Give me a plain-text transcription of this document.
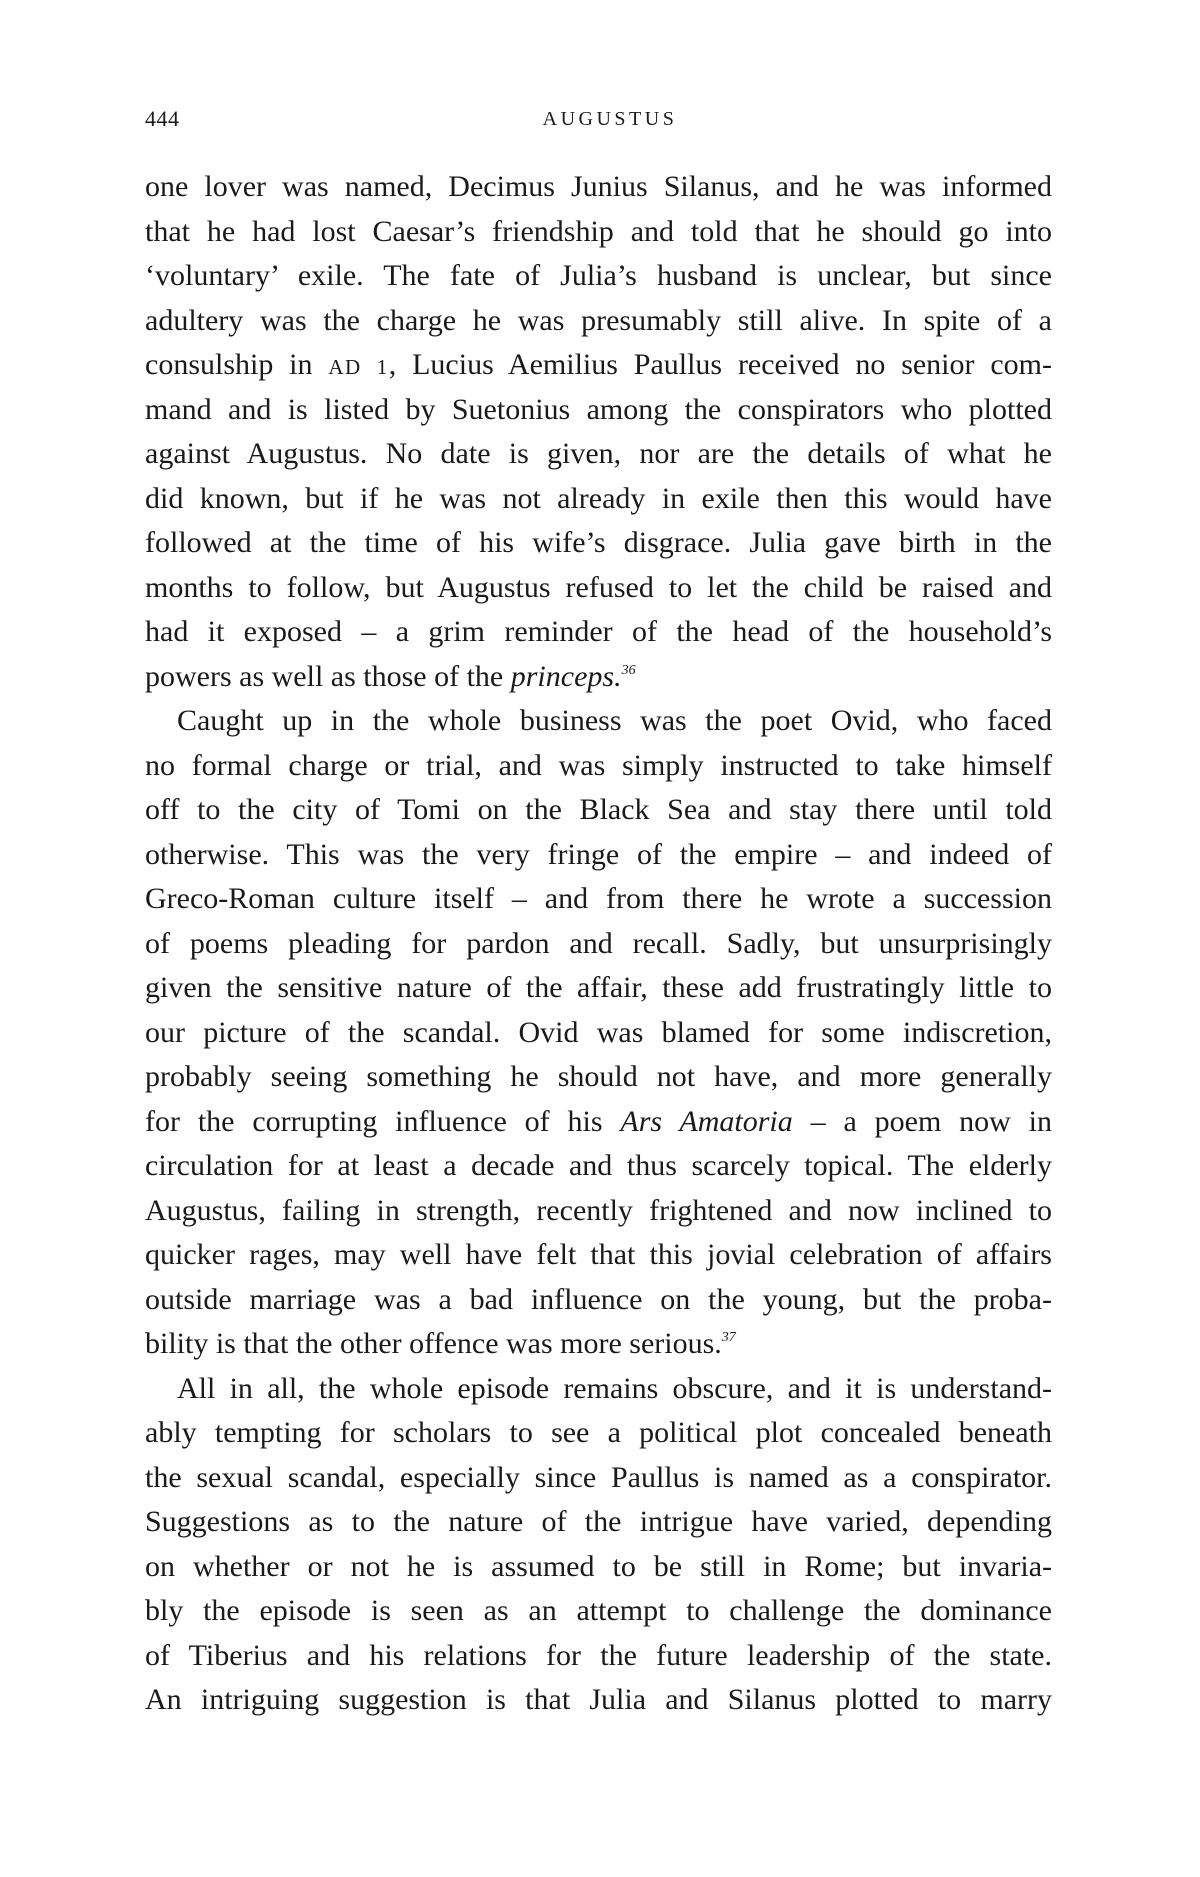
444	AUGUSTUS
one lover was named, Decimus Junius Silanus, and he was informed
that he had lost Caesar’s friendship and told that he should go into
‘voluntary’ exile. The fate of Julia’s husband is unclear, but since
adultery was the charge he was presumably still alive. In spite of a
consulship in AD 1, Lucius Aemilius Paullus received no senior com-
mand and is listed by Suetonius among the conspirators who plotted
against Augustus. No date is given, nor are the details of what he
did known, but if he was not already in exile then this would have
followed at the time of his wife’s disgrace. Julia gave birth in the
months to follow, but Augustus refused to let the child be raised and
had it exposed – a grim reminder of the head of the household’s
powers as well as those of the princeps.$^{36}$
Caught up in the whole business was the poet Ovid, who faced
no formal charge or trial, and was simply instructed to take himself
off to the city of Tomi on the Black Sea and stay there until told
otherwise. This was the very fringe of the empire – and indeed of
Greco-Roman culture itself – and from there he wrote a succession
of poems pleading for pardon and recall. Sadly, but unsurprisingly
given the sensitive nature of the affair, these add frustratingly little to
our picture of the scandal. Ovid was blamed for some indiscretion,
probably seeing something he should not have, and more generally
for the corrupting influence of his Ars Amatoria – a poem now in
circulation for at least a decade and thus scarcely topical. The elderly
Augustus, failing in strength, recently frightened and now inclined to
quicker rages, may well have felt that this jovial celebration of affairs
outside marriage was a bad influence on the young, but the proba-
bility is that the other offence was more serious.$^{37}$
All in all, the whole episode remains obscure, and it is understand-
ably tempting for scholars to see a political plot concealed beneath
the sexual scandal, especially since Paullus is named as a conspirator.
Suggestions as to the nature of the intrigue have varied, depending
on whether or not he is assumed to be still in Rome; but invaria-
bly the episode is seen as an attempt to challenge the dominance
of Tiberius and his relations for the future leadership of the state.
An intriguing suggestion is that Julia and Silanus plotted to marry
